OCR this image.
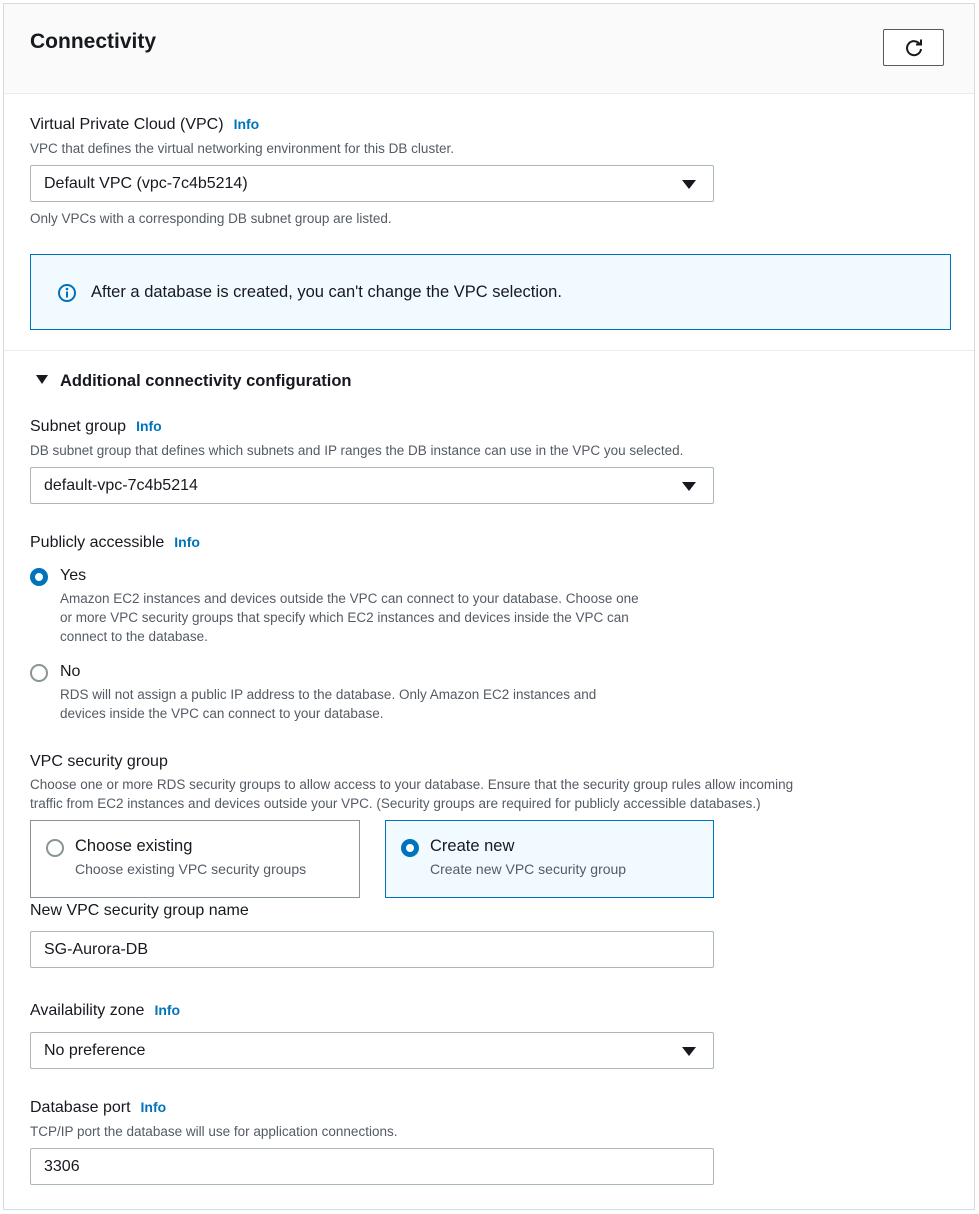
Connectivity
Virtual Private Cloud (VPC) Info
VPC that defines the virtual networking environment for this DB cluster.
Default VPC (vpc-7c4b5214)
Only VPCs with a corresponding DB subnet group are listed.
After a database is created, you can't change the VPC selection.
Additional connectivity configuration
Subnet group Info
DB subnet group that defines which subnets and IP ranges the DB instance can use in the VPC you selected.
default-vpc-7c4b5214
Publicly accessible Info
Yes
Amazon EC2 instances and devices outside the VPC can connect to your database. Choose one
or more VPC security groups that specify which EC2 instances and devices inside the VPC can
connect to the database.
No
RDS will not assign a public IP address to the database. Only Amazon EC2 instances and
devices inside the VPC can connect to your database.
VPC security group
Choose one or more RDS security groups to allow access to your database. Ensure that the security group rules allow incoming
traffic from EC2 instances and devices outside your VPC. (Security groups are required for publicly accessible databases.)
Choose existing
Choose existing VPC security groups
Create new
Create new VPC security group
New VPC security group name
SG-Aurora-DB
Availability zone Info
No preference
Database port Info
TCP/IP port the database will use for application connections.
3306
